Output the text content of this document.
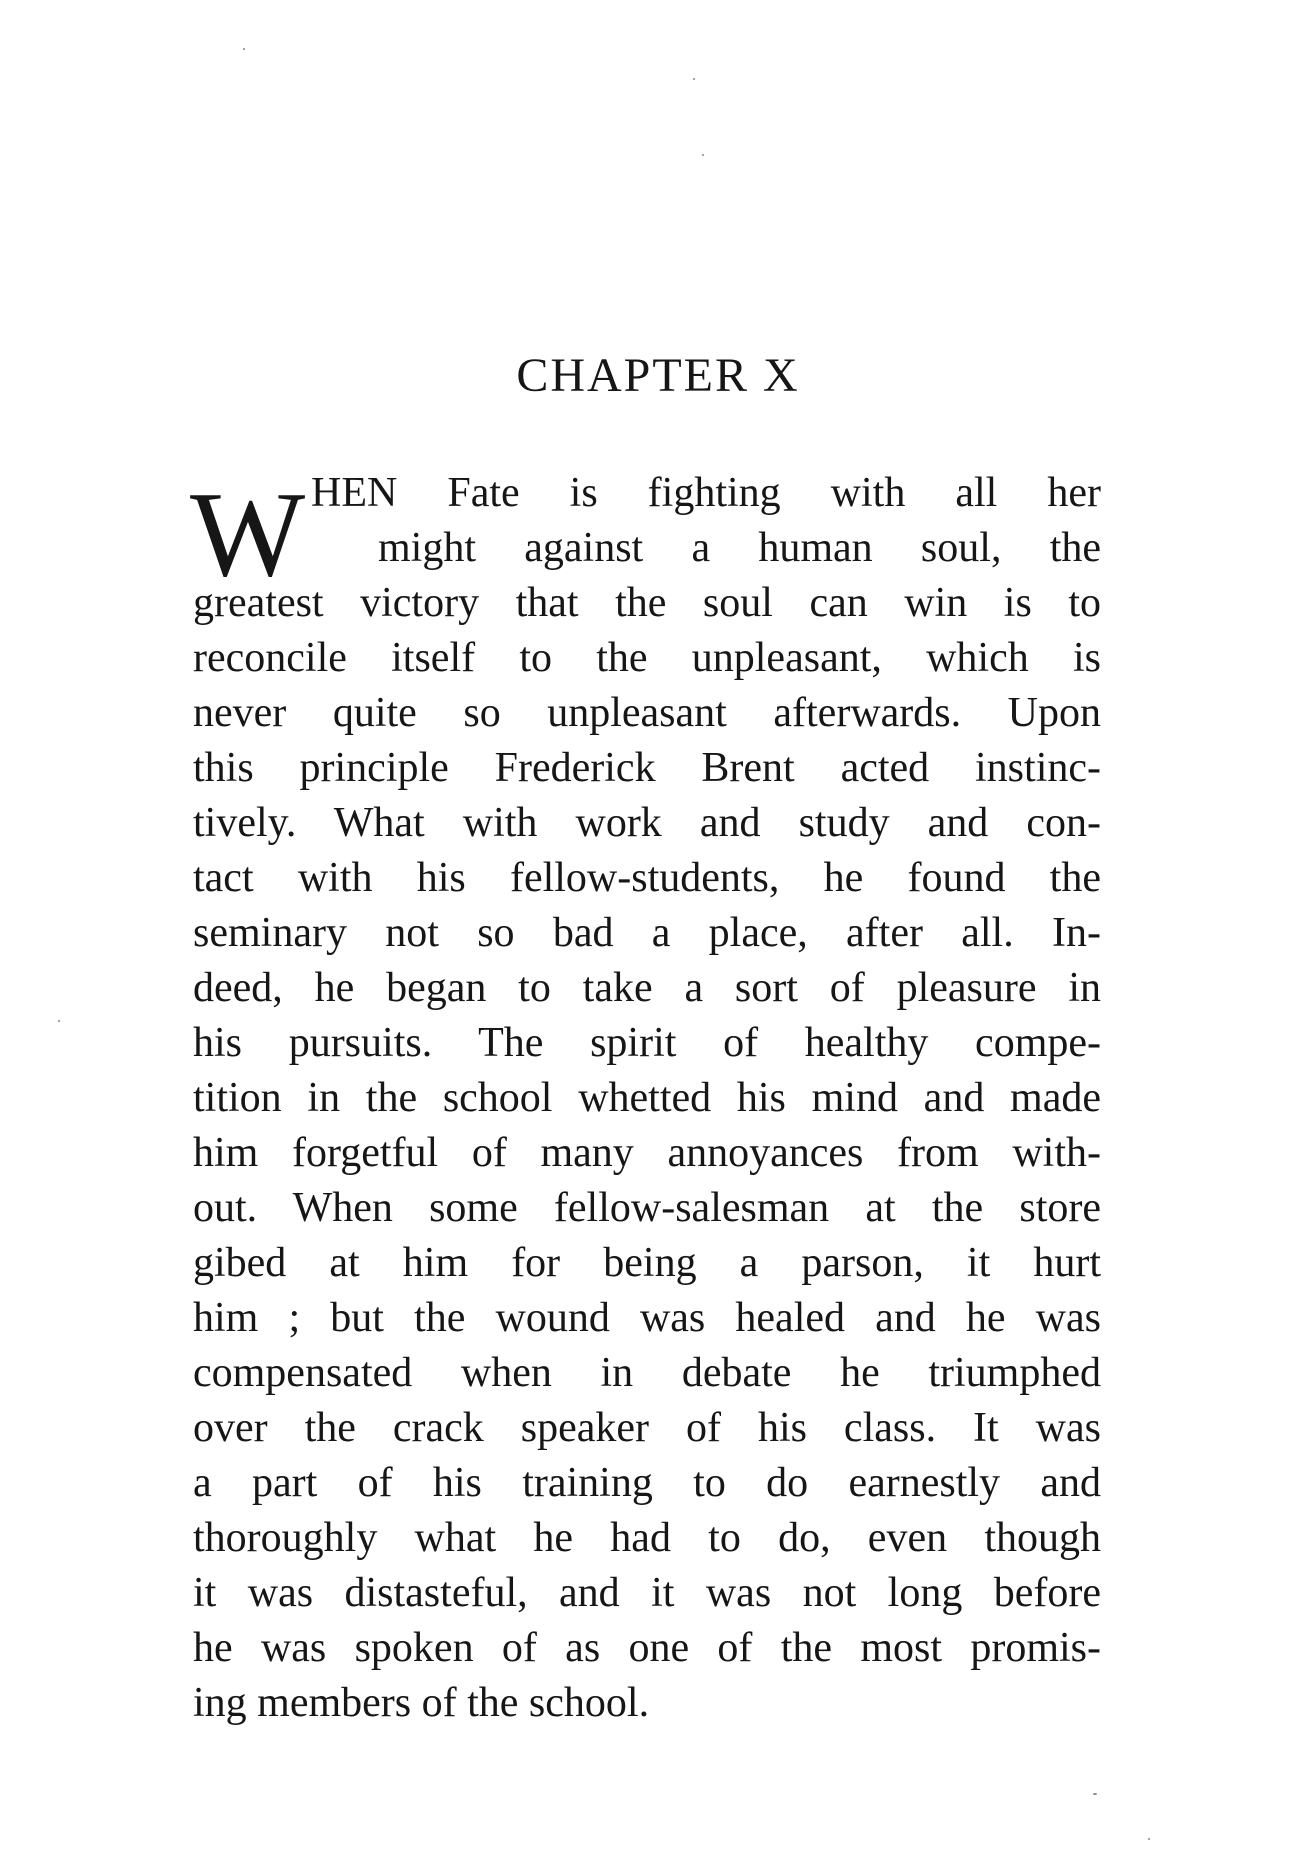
CHAPTER X
W HEN Fate is fighting with all her
might against a human soul, the
greatest victory that the soul can win is to
reconcile itself to the unpleasant, which is
never quite so unpleasant afterwards. Upon
this principle Frederick Brent acted instinc-
tively. What with work and study and con-
tact with his fellow-students, he found the
seminary not so bad a place, after all. In-
deed, he began to take a sort of pleasure in
his pursuits. The spirit of healthy compe-
tition in the school whetted his mind and made
him forgetful of many annoyances from with-
out. When some fellow-salesman at the store
gibed at him for being a parson, it hurt
him ; but the wound was healed and he was
compensated when in debate he triumphed
over the crack speaker of his class. It was
a part of his training to do earnestly and
thoroughly what he had to do, even though
it was distasteful, and it was not long before
he was spoken of as one of the most promis-
ing members of the school.
